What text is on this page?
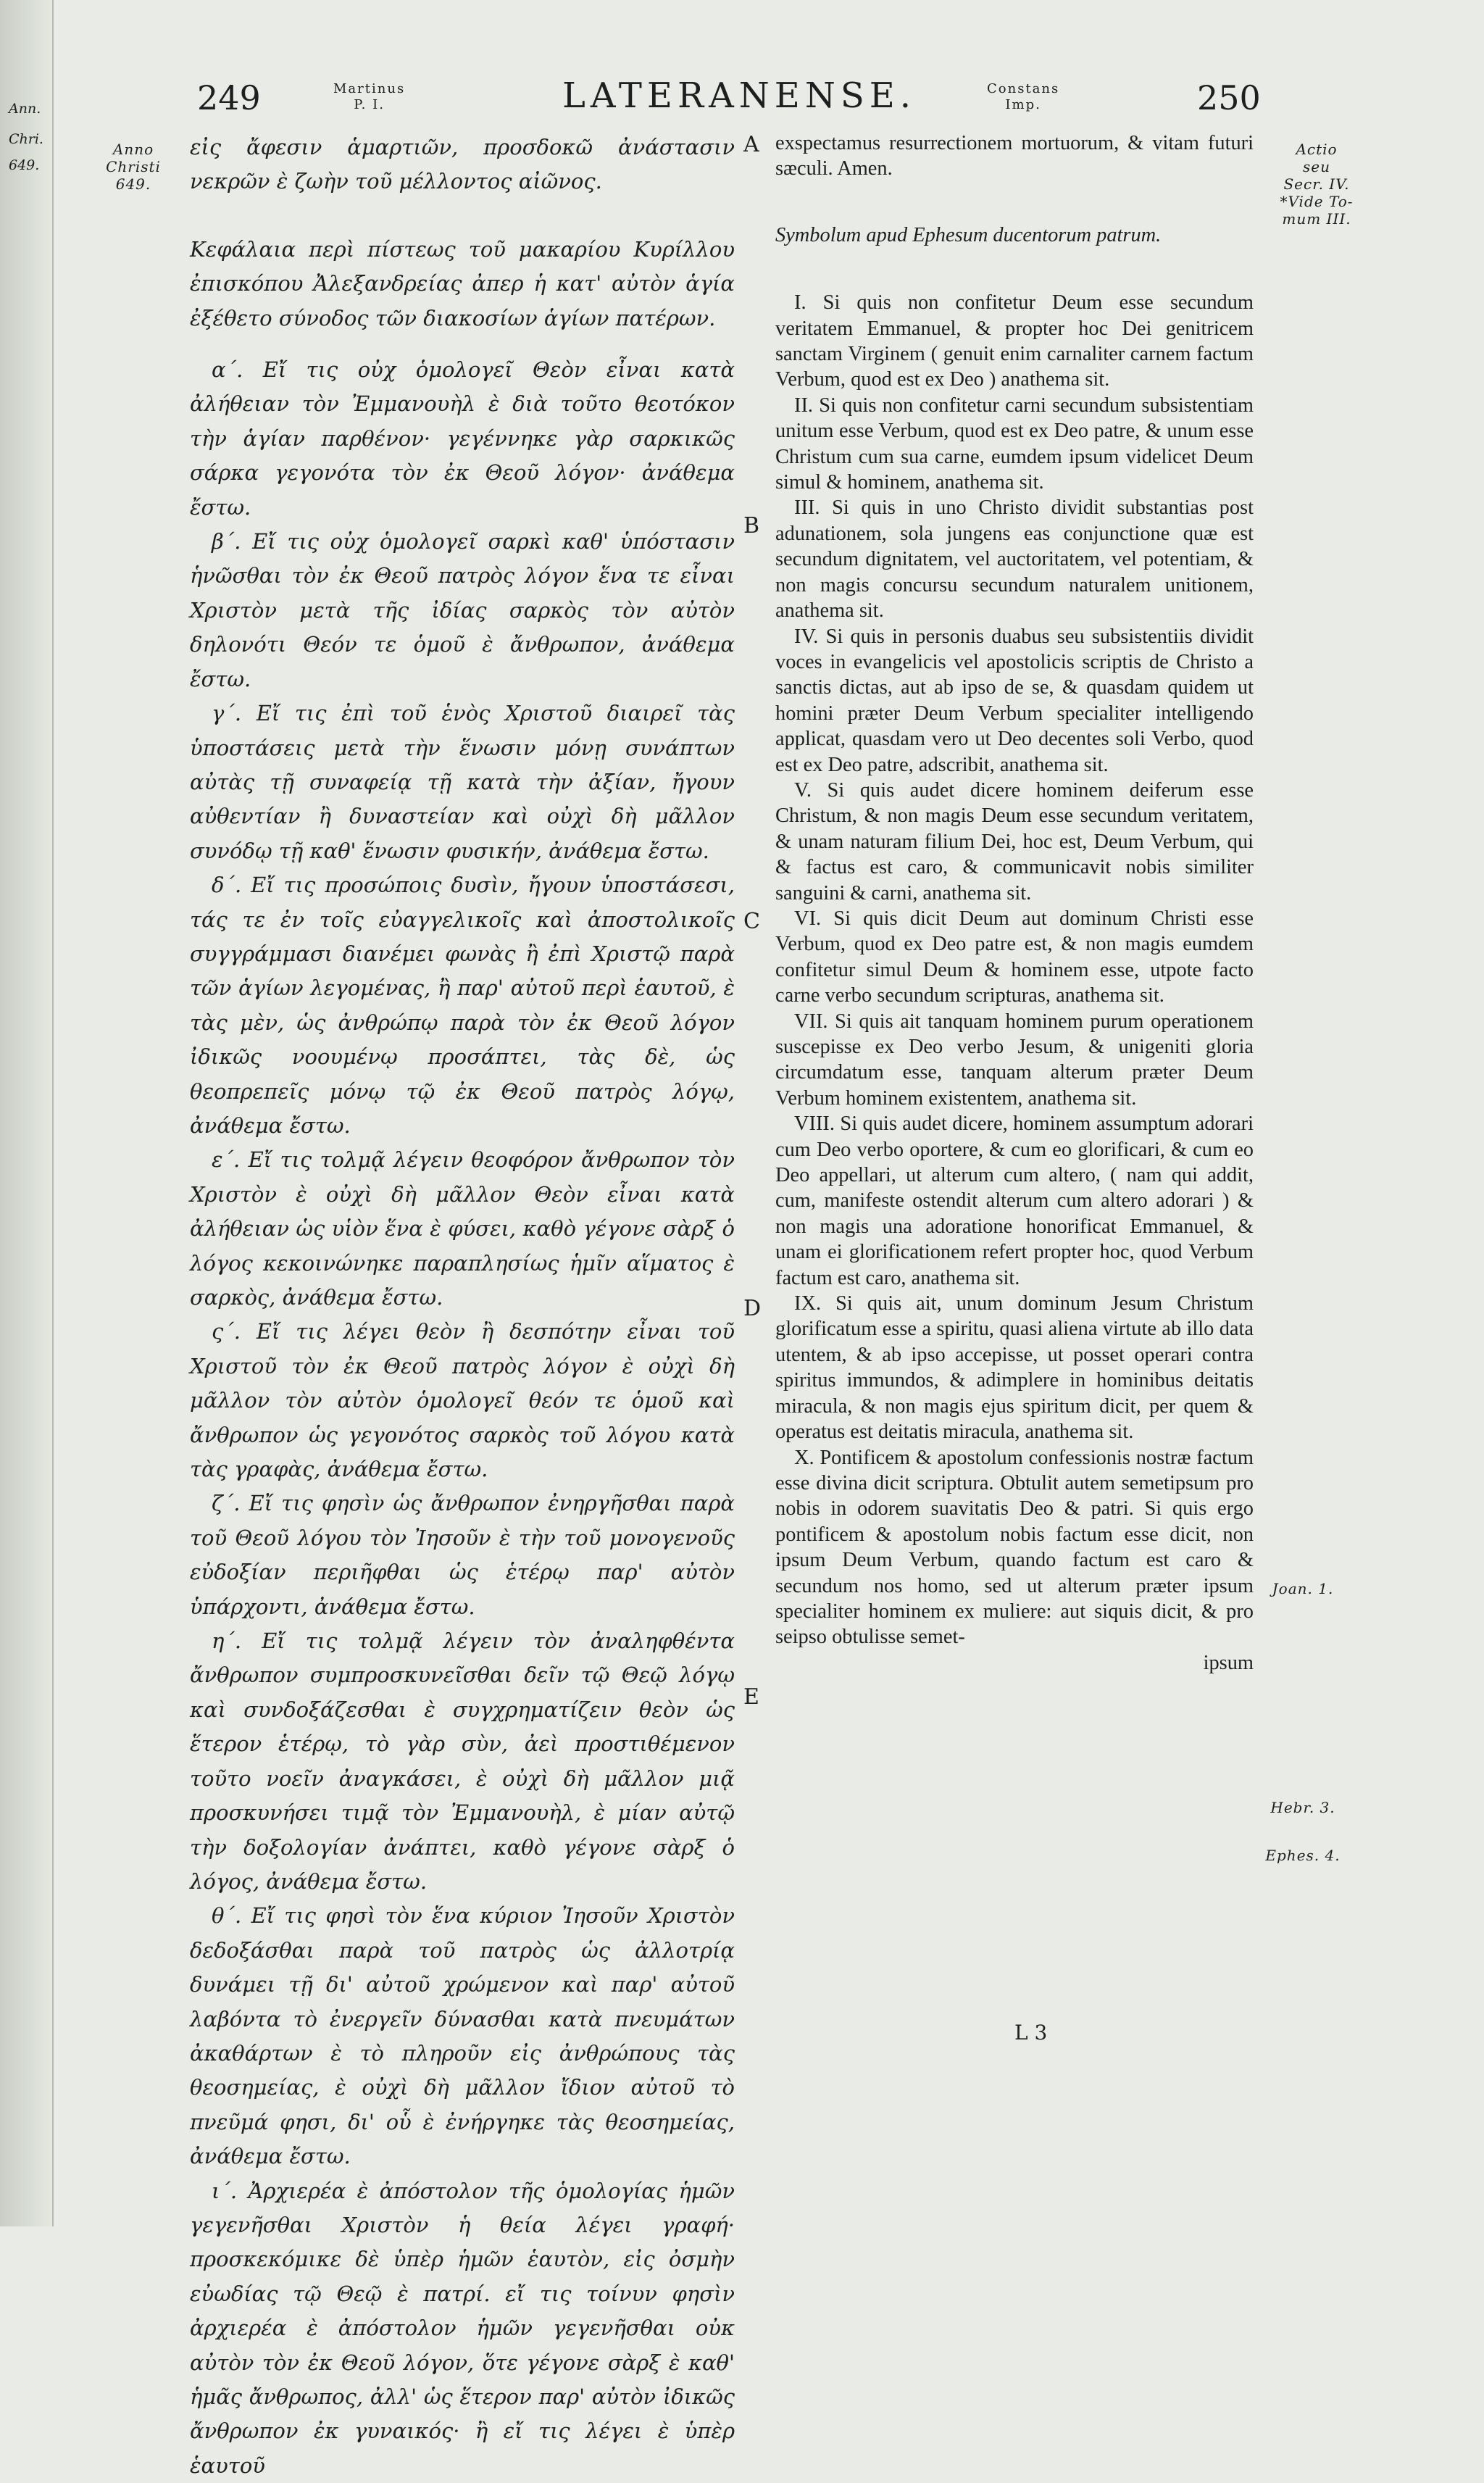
Ann.
Chri.
649.
249	Martinus
P. I.	LATERANENSE.	Constans
Imp.	250
Anno
Christi
649.
Actio
seu
Secr. IV.
*Vide To-
mum III.
A
B
C
D
E

εἰς ἄφεσιν ἁμαρτιῶν, προσδοκῶ ἀνάστασιν νεκρῶν ὲ ζωὴν τοῦ μέλλοντος αἰῶνος.

Κεφάλαια περὶ πίστεως τοῦ μακαρίου Κυρίλλου ἐπισκόπου Ἀλεξανδρείας ἀπερ ἡ κατ' αὐτὸν ἁγία ἐξέθετο σύνοδος τῶν διακοσίων ἁγίων πατέρων.

α΄. Εἴ τις οὐχ ὁμολογεῖ Θεὸν εἶναι κατὰ ἀλήθειαν τὸν Ἐμμανουὴλ ὲ διὰ τοῦτο θεοτόκον τὴν ἁγίαν παρθένον· γεγέννηκε γὰρ σαρκικῶς σάρκα γεγονότα τὸν ἐκ Θεοῦ λόγον· ἀνάθεμα ἔστω.

β΄. Εἴ τις οὐχ ὁμολογεῖ σαρκὶ καθ' ὑπόστασιν ἡνῶσθαι τὸν ἐκ Θεοῦ πατρὸς λόγον ἕνα τε εἶναι Χριστὸν μετὰ τῆς ἰδίας σαρκὸς τὸν αὐτὸν δηλονότι Θεόν τε ὁμοῦ ὲ ἄνθρωπον, ἀνάθεμα ἔστω.

γ΄. Εἴ τις ἐπὶ τοῦ ἑνὸς Χριστοῦ διαιρεῖ τὰς ὑποστάσεις μετὰ τὴν ἕνωσιν μόνῃ συνάπτων αὐτὰς τῇ συναφείᾳ τῇ κατὰ τὴν ἀξίαν, ἤγουν αὐθεντίαν ἢ δυναστείαν καὶ οὐχὶ δὴ μᾶλλον συνόδῳ τῇ καθ' ἕνωσιν φυσικήν, ἀνάθεμα ἔστω.

δ΄. Εἴ τις προσώποις δυσὶν, ἤγουν ὑποστάσεσι, τάς τε ἐν τοῖς εὐαγγελικοῖς καὶ ἀποστολικοῖς συγγράμμασι διανέμει φωνὰς ἢ ἐπὶ Χριστῷ παρὰ τῶν ἁγίων λεγομένας, ἢ παρ' αὐτοῦ περὶ ἑαυτοῦ, ὲ τὰς μὲν, ὡς ἀνθρώπῳ παρὰ τὸν ἐκ Θεοῦ λόγον ἰδικῶς νοουμένῳ προσάπτει, τὰς δὲ, ὡς θεοπρεπεῖς μόνῳ τῷ ἐκ Θεοῦ πατρὸς λόγῳ, ἀνάθεμα ἔστω.

ε΄. Εἴ τις τολμᾷ λέγειν θεοφόρον ἄνθρωπον τὸν Χριστὸν ὲ οὐχὶ δὴ μᾶλλον Θεὸν εἶναι κατὰ ἀλήθειαν ὡς υἱὸν ἕνα ὲ φύσει, καθὸ γέγονε σὰρξ ὁ λόγος κεκοινώνηκε παραπλησίως ἡμῖν αἵματος ὲ σαρκὸς, ἀνάθεμα ἔστω.

ς΄. Εἴ τις λέγει θεὸν ἢ δεσπότην εἶναι τοῦ Χριστοῦ τὸν ἐκ Θεοῦ πατρὸς λόγον ὲ οὐχὶ δὴ μᾶλλον τὸν αὐτὸν ὁμολογεῖ θεόν τε ὁμοῦ καὶ ἄνθρωπον ὡς γεγονότος σαρκὸς τοῦ λόγου κατὰ τὰς γραφὰς, ἀνάθεμα ἔστω.

ζ΄. Εἴ τις φησὶν ὡς ἄνθρωπον ἐνηργῆσθαι παρὰ τοῦ Θεοῦ λόγου τὸν Ἰησοῦν ὲ τὴν τοῦ μονογενοῦς εὐδοξίαν περιῆφθαι ὡς ἑτέρῳ παρ' αὐτὸν ὑπάρχοντι, ἀνάθεμα ἔστω.

η΄. Εἴ τις τολμᾷ λέγειν τὸν ἀναληφθέντα ἄνθρωπον συμπροσκυνεῖσθαι δεῖν τῷ Θεῷ λόγῳ καὶ συνδοξάζεσθαι ὲ συγχρηματίζειν θεὸν ὡς ἕτερον ἑτέρῳ, τὸ γὰρ σὺν, ἀεὶ προστιθέμενον τοῦτο νοεῖν ἀναγκάσει, ὲ οὐχὶ δὴ μᾶλλον μιᾷ προσκυνήσει τιμᾷ τὸν Ἐμμανουὴλ, ὲ μίαν αὐτῷ τὴν δοξολογίαν ἀνάπτει, καθὸ γέγονε σὰρξ ὁ λόγος, ἀνάθεμα ἔστω.

θ΄. Εἴ τις φησὶ τὸν ἕνα κύριον Ἰησοῦν Χριστὸν δεδοξάσθαι παρὰ τοῦ πατρὸς ὡς ἀλλοτρίᾳ δυνάμει τῇ δι' αὐτοῦ χρώμενον καὶ παρ' αὐτοῦ λαβόντα τὸ ἐνεργεῖν δύνασθαι κατὰ πνευμάτων ἀκαθάρτων ὲ τὸ πληροῦν εἰς ἀνθρώπους τὰς θεοσημείας, ὲ οὐχὶ δὴ μᾶλλον ἴδιον αὐτοῦ τὸ πνεῦμά φησι, δι' οὗ ὲ ἐνήργηκε τὰς θεοσημείας, ἀνάθεμα ἔστω.

ι΄. Ἀρχιερέα ὲ ἀπόστολον τῆς ὁμολογίας ἡμῶν γεγενῆσθαι Χριστὸν ἡ θεία λέγει γραφή· προσκεκόμικε δὲ ὑπὲρ ἡμῶν ἑαυτὸν, εἰς ὀσμὴν εὐωδίας τῷ Θεῷ ὲ πατρί. εἴ τις τοίνυν φησὶν ἀρχιερέα ὲ ἀπόστολον ἡμῶν γεγενῆσθαι οὐκ αὐτὸν τὸν ἐκ Θεοῦ λόγον, ὅτε γέγονε σὰρξ ὲ καθ' ἡμᾶς ἄνθρωπος, ἀλλ' ὡς ἕτερον παρ' αὐτὸν ἰδικῶς ἄνθρωπον ἐκ γυναικός· ἢ εἴ τις λέγει ὲ ὑπὲρ ἑαυτοῦ

exspectamus resurrectionem mortuorum, & vitam futuri sæculi. Amen.

Symbolum apud Ephesum ducentorum patrum.

I. Si quis non confitetur Deum esse secundum veritatem Emmanuel, & propter hoc Dei genitricem sanctam Virginem ( genuit enim carnaliter carnem factum Verbum, quod est ex Deo ) anathema sit.

II. Si quis non confitetur carni secundum subsistentiam unitum esse Verbum, quod est ex Deo patre, & unum esse Christum cum sua carne, eumdem ipsum videlicet Deum simul & hominem, anathema sit.

III. Si quis in uno Christo dividit substantias post adunationem, sola jungens eas conjunctione quæ est secundum dignitatem, vel auctoritatem, vel potentiam, & non magis concursu secundum naturalem unitionem, anathema sit.

IV. Si quis in personis duabus seu subsistentiis dividit voces in evangelicis vel apostolicis scriptis de Christo a sanctis dictas, aut ab ipso de se, & quasdam quidem ut homini præter Deum Verbum specialiter intelligendo applicat, quasdam vero ut Deo decentes soli Verbo, quod est ex Deo patre, adscribit, anathema sit.

V. Si quis audet dicere hominem deiferum esse Christum, & non magis Deum esse secundum veritatem, & unam naturam filium Dei, hoc est, Deum Verbum, qui & factus est caro, & communicavit nobis similiter sanguini & carni, anathema sit.

VI. Si quis dicit Deum aut dominum Christi esse Verbum, quod ex Deo patre est, & non magis eumdem confitetur simul Deum & hominem esse, utpote facto carne verbo secundum scripturas, anathema sit.

VII. Si quis ait tanquam hominem purum operationem suscepisse ex Deo verbo Jesum, & unigeniti gloria circumdatum esse, tanquam alterum præter Deum Verbum hominem existentem, anathema sit.

VIII. Si quis audet dicere, hominem assumptum adorari cum Deo verbo oportere, & cum eo glorificari, & cum eo Deo appellari, ut alterum cum altero, ( nam qui addit, cum, manifeste ostendit alterum cum altero adorari ) & non magis una adoratione honorificat Emmanuel, & unam ei glorificationem refert propter hoc, quod Verbum factum est caro, anathema sit.

IX. Si quis ait, unum dominum Jesum Christum glorificatum esse a spiritu, quasi aliena virtute ab illo data utentem, & ab ipso accepisse, ut posset operari contra spiritus immundos, & adimplere in hominibus deitatis miracula, & non magis ejus spiritum dicit, per quem & operatus est deitatis miracula, anathema sit.

X. Pontificem & apostolum confessionis nostræ factum esse divina dicit scriptura. Obtulit autem semetipsum pro nobis in odorem suavitatis Deo & patri. Si quis ergo pontificem & apostolum nobis factum esse dicit, non ipsum Deum Verbum, quando factum est caro & secundum nos homo, sed ut alterum præter ipsum specialiter hominem ex muliere: aut siquis dicit, & pro seipso obtulisse semet-

ipsum

Joan. 1.
Hebr. 3.
Ephes. 4.
L 3
